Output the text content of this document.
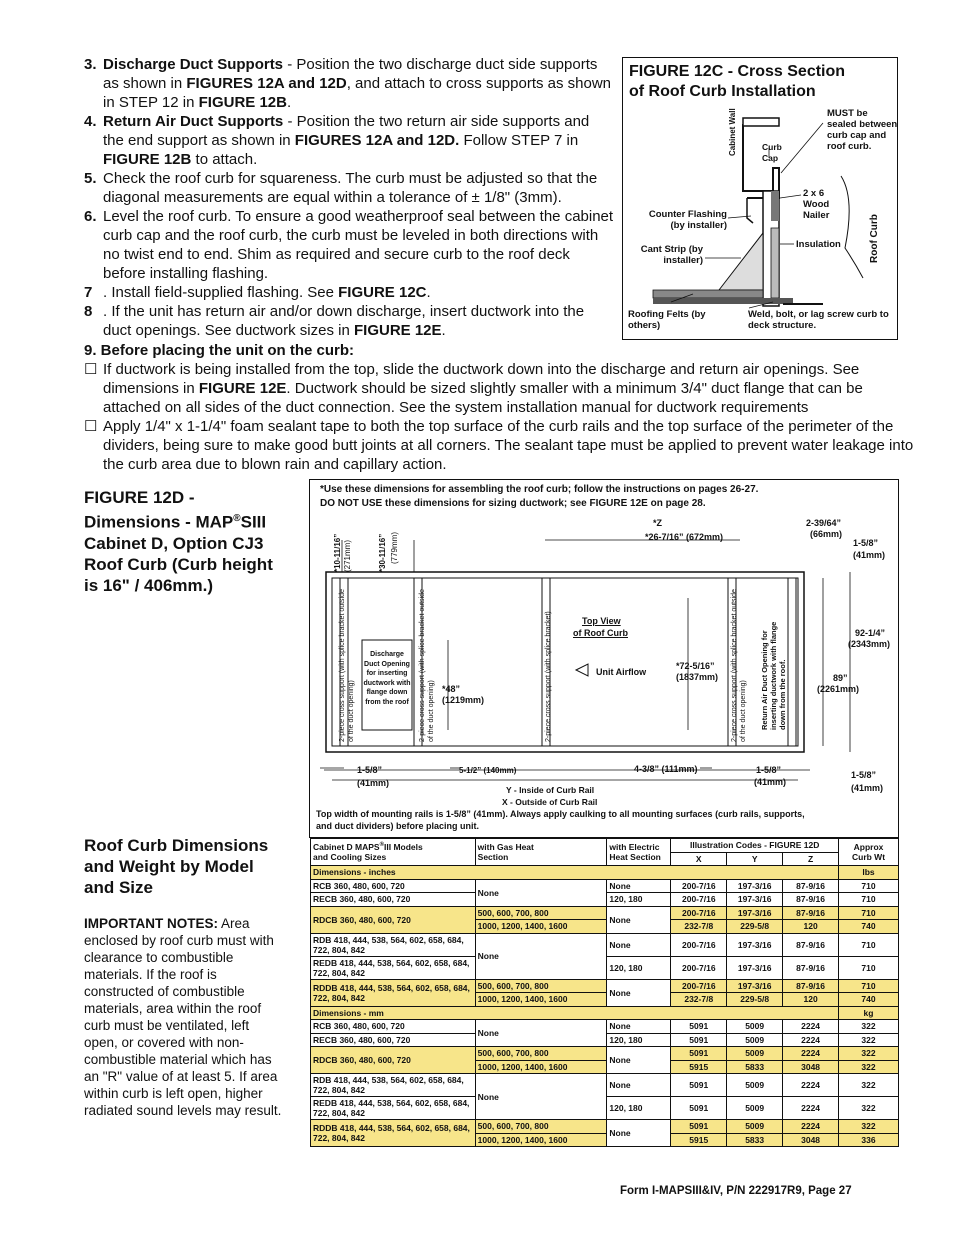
3. Discharge Duct Supports - Position the two discharge duct side supports as shown in FIGURES 12A and 12D, and attach to cross supports as shown in STEP 12 in FIGURE 12B.
4. Return Air Duct Supports - Position the two return air side supports and the end support as shown in FIGURES 12A and 12D. Follow STEP 7 in FIGURE 12B to attach.
5. Check the roof curb for squareness. The curb must be adjusted so that the diagonal measurements are equal within a tolerance of ± 1/8" (3mm).
6. Level the roof curb. To ensure a good weatherproof seal between the cabinet curb cap and the roof curb, the curb must be leveled in both directions with no twist end to end. Shim as required and secure curb to the roof deck before installing flashing.
7 . Install field-supplied flashing. See FIGURE 12C.
8 . If the unit has return air and/or down discharge, insert ductwork into the duct openings. See ductwork sizes in FIGURE 12E.
9. Before placing the unit on the curb:
☐ If ductwork is being installed from the top, slide the ductwork down into the discharge and return air openings. See dimensions in FIGURE 12E. Ductwork should be sized slightly smaller with a minimum 3/4" duct flange that can be attached on all sides of the duct connection. See the system installation manual for ductwork requirements
☐ Apply 1/4" x 1-1/4" foam sealant tape to both the top surface of the curb rails and the top surface of the perimeter of the dividers, being sure to make good butt joints at all corners. The sealant tape must be applied to prevent water leakage into the curb area due to blown rain and capillary action.
FIGURE 12C - Cross Section
of Roof Curb Installation
Cabinet Wall	Curb Cap
MUST be sealed between curb cap and roof curb.
2 x 6 Wood Nailer
Counter Flashing (by installer)
Insulation
Cant Strip (by installer)	Roof Curb
Roofing Felts (by others)
Weld, bolt, or lag screw curb to deck structure.
FIGURE 12D -
Dimensions - MAP®SIII
Cabinet D, Option CJ3
Roof Curb (Curb height
is 16" / 406mm.)
*Use these dimensions for assembling the roof curb; follow the instructions on pages 26-27.
DO NOT USE these dimensions for sizing ductwork; see FIGURE 12E on page 28.
*Z
*26-7/16” (672mm)
2-39/64”
(66mm)
1-5/8”
(41mm)
*10-11/16” (271mm)	*30-11/16” (779mm)
2-piece cross support (with splice bracket outside of the duct opening)	2-piece cross support (with splice bracket outside of the duct opening)	2-piece cross support (with splice bracket)	2-piece cross support (with splice bracket outside of the duct opening)
Discharge Duct Opening for inserting ductwork with flange down from the roof
*48”
(1219mm)
Top View
of Roof Curb
Unit Airflow
*72-5/16”
(1837mm)	Return Air Duct Opening for inserting ductwork with flange down from the roof.
92-1/4”
(2343mm)
89”
(2261mm)
1-5/8”
(41mm)
5-1/2” (140mm)	4-3/8” (111mm)	1-5/8”
(41mm)
1-5/8”
(41mm)
Y - Inside of Curb Rail
X - Outside of Curb Rail
Top width of mounting rails is 1-5/8” (41mm). Always apply caulking to all mounting surfaces (curb rails, supports,
and duct dividers) before placing unit.
Roof Curb Dimensions
and Weight by Model
and Size
IMPORTANT NOTES: Area enclosed by roof curb must with clearance to combustible materials. If the roof is constructed of combustible materials, area within the roof curb must be ventilated, left open, or covered with non-combustible material which has an "R" value of at least 5. If area within curb is left open, higher radiated sound levels may result.
Cabinet D MAPS®III Models
and Cooling Sizes	with Gas Heat
Section	with Electric
Heat Section	Illustration Codes - FIGURE 12D			Approx
Curb Wt
			X	Y	Z	
Dimensions - inches						lbs
RCB 360, 480, 600, 720	None	None	200-7/16	197-3/16	87-9/16	710
RECB 360, 480, 600, 720		120, 180	200-7/16	197-3/16	87-9/16	710
RDCB 360, 480, 600, 720	500, 600, 700, 800	None	200-7/16	197-3/16	87-9/16	710
	1000, 1200, 1400, 1600		232-7/8	229-5/8	120	740
RDB 418, 444, 538, 564, 602, 658, 684, 722, 804, 842	None	None	200-7/16	197-3/16	87-9/16	710
REDB 418, 444, 538, 564, 602, 658, 684, 722, 804, 842		120, 180	200-7/16	197-3/16	87-9/16	710
RDDB 418, 444, 538, 564, 602, 658, 684, 722, 804, 842	500, 600, 700, 800	None	200-7/16	197-3/16	87-9/16	710
	1000, 1200, 1400, 1600		232-7/8	229-5/8	120	740
Dimensions - mm						kg
RCB 360, 480, 600, 720	None	None	5091	5009	2224	322
RECB 360, 480, 600, 720		120, 180	5091	5009	2224	322
RDCB 360, 480, 600, 720	500, 600, 700, 800	None	5091	5009	2224	322
	1000, 1200, 1400, 1600		5915	5833	3048	322
RDB 418, 444, 538, 564, 602, 658, 684, 722, 804, 842	None	None	5091	5009	2224	322
REDB 418, 444, 538, 564, 602, 658, 684, 722, 804, 842		120, 180	5091	5009	2224	322
RDDB 418, 444, 538, 564, 602, 658, 684, 722, 804, 842	500, 600, 700, 800	None	5091	5009	2224	322
	1000, 1200, 1400, 1600		5915	5833	3048	336
Form I-MAPSIII&IV, P/N 222917R9, Page 27
